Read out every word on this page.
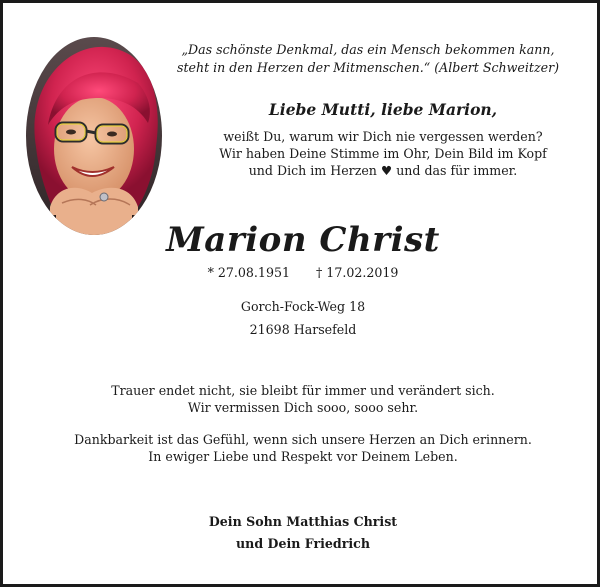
„Das schönste Denkmal, das ein Mensch bekommen kann,
steht in den Herzen der Mitmenschen.“ (Albert Schweitzer)
Liebe Mutti, liebe Marion,
weißt Du, warum wir Dich nie vergessen werden?
Wir haben Deine Stimme im Ohr, Dein Bild im Kopf
und Dich im Herzen ♥ und das für immer.
Marion Christ
* 27.08.1951 † 17.02.2019
Gorch-Fock-Weg 18
21698 Harsefeld
Trauer endet nicht, sie bleibt für immer und verändert sich.
Wir vermissen Dich sooo, sooo sehr.
Dankbarkeit ist das Gefühl, wenn sich unsere Herzen an Dich erinnern.
In ewiger Liebe und Respekt vor Deinem Leben.
Dein Sohn Matthias Christ
und Dein Friedrich
